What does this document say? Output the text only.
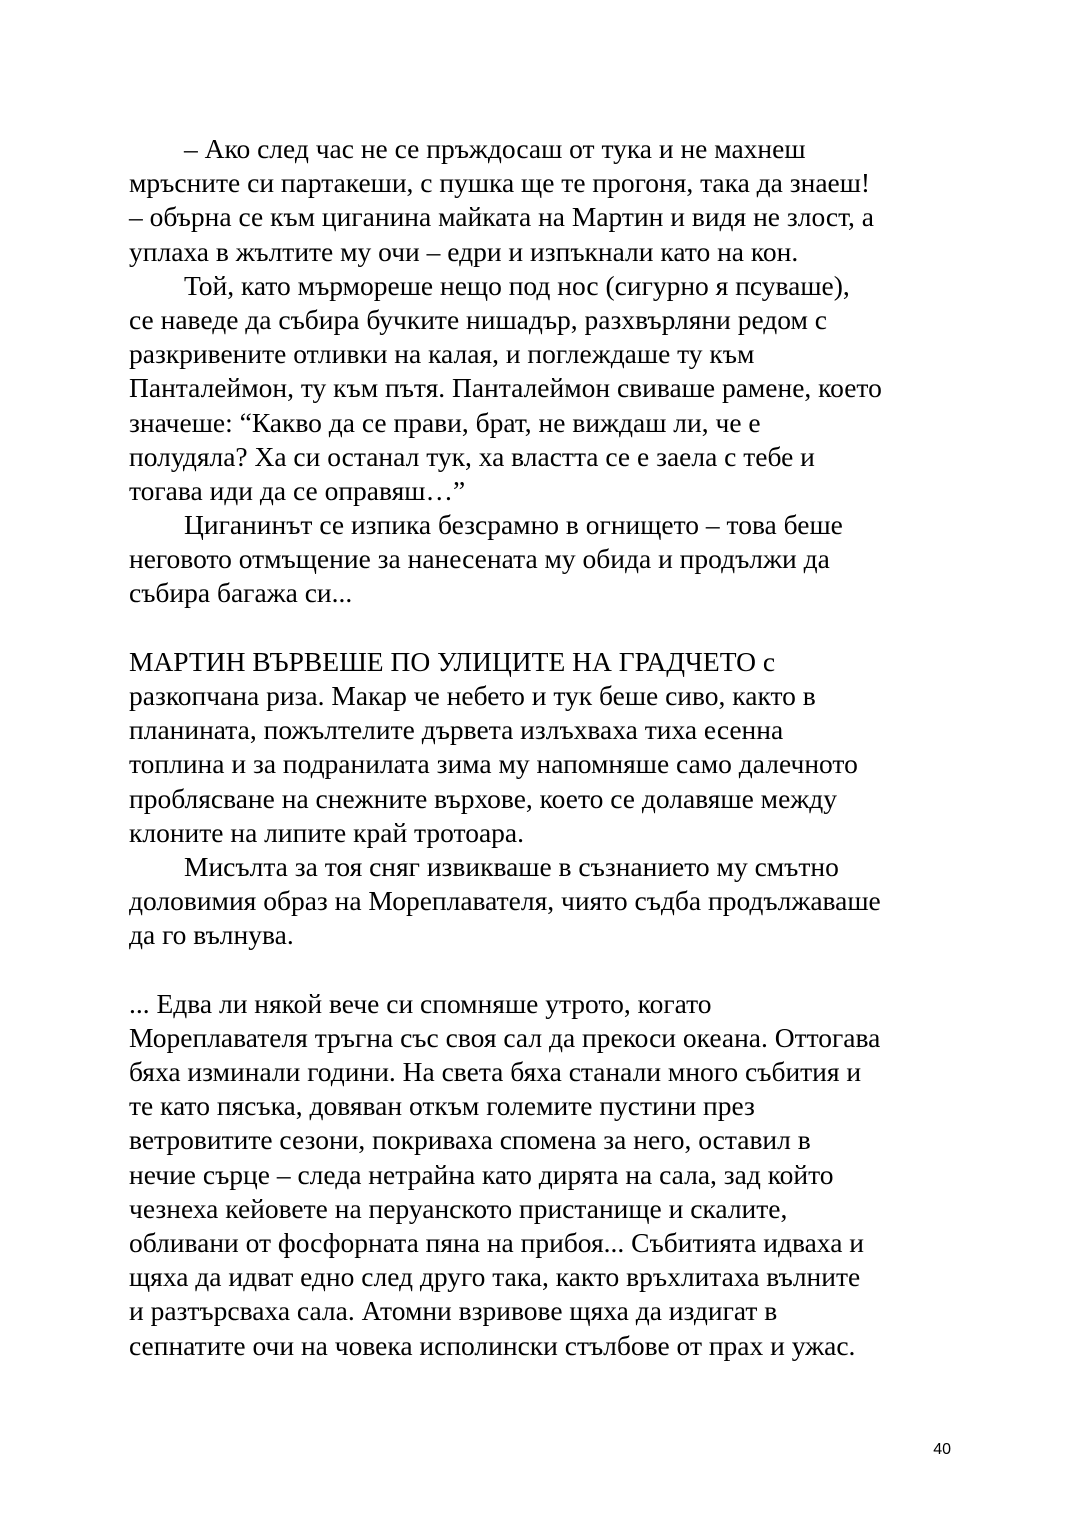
– Ако след час не се пръждосаш от тука и не махнеш
мръсните си партакеши, с пушка ще те прогоня, така да знаеш!
– обърна се към циганина майката на Мартин и видя не злост, а
уплаха в жълтите му очи – едри и изпъкнали като на кон.
Той, като мърмореше нещо под нос (сигурно я псуваше),
се наведе да събира бучките нишадър, разхвърляни редом с
разкривените отливки на калая, и поглеждаше ту към
Панталеймон, ту към пътя. Панталеймон свиваше рамене, което
значеше: “Какво да се прави, брат, не виждаш ли, че е
полудяла? Ха си останал тук, ха властта се е заела с тебе и
тогава иди да се оправяш…”
Циганинът се изпика безсрамно в огнището – това беше
неговото отмъщение за нанесената му обида и продължи да
събира багажа си...
МАРТИН ВЪРВЕШЕ ПО УЛИЦИТЕ НА ГРАДЧЕТО с
разкопчана риза. Макар че небето и тук беше сиво, както в
планината, пожълтелите дървета излъхваха тиха есенна
топлина и за подранилата зима му напомняше само далечното
проблясване на снежните върхове, което се долавяше между
клоните на липите край тротоара.
Мисълта за тоя сняг извикваше в съзнанието му смътно
доловимия образ на Мореплавателя, чиято съдба продължаваше
да го вълнува.
... Едва ли някой вече си спомняше утрото, когато
Мореплавателя тръгна със своя сал да прекоси океана. Оттогава
бяха изминали години. На света бяха станали много събития и
те като пясъка, довяван откъм големите пустини през
ветровитите сезони, покриваха спомена за него, оставил в
нечие сърце – следа нетрайна като дирята на сала, зад който
чезнеха кейовете на перуанското пристанище и скалите,
обливани от фосфорната пяна на прибоя... Събитията идваха и
щяха да идват едно след друго така, както връхлитаха вълните
и разтърсваха сала. Атомни взривове щяха да издигат в
сепнатите очи на човека исполински стълбове от прах и ужас.
40
